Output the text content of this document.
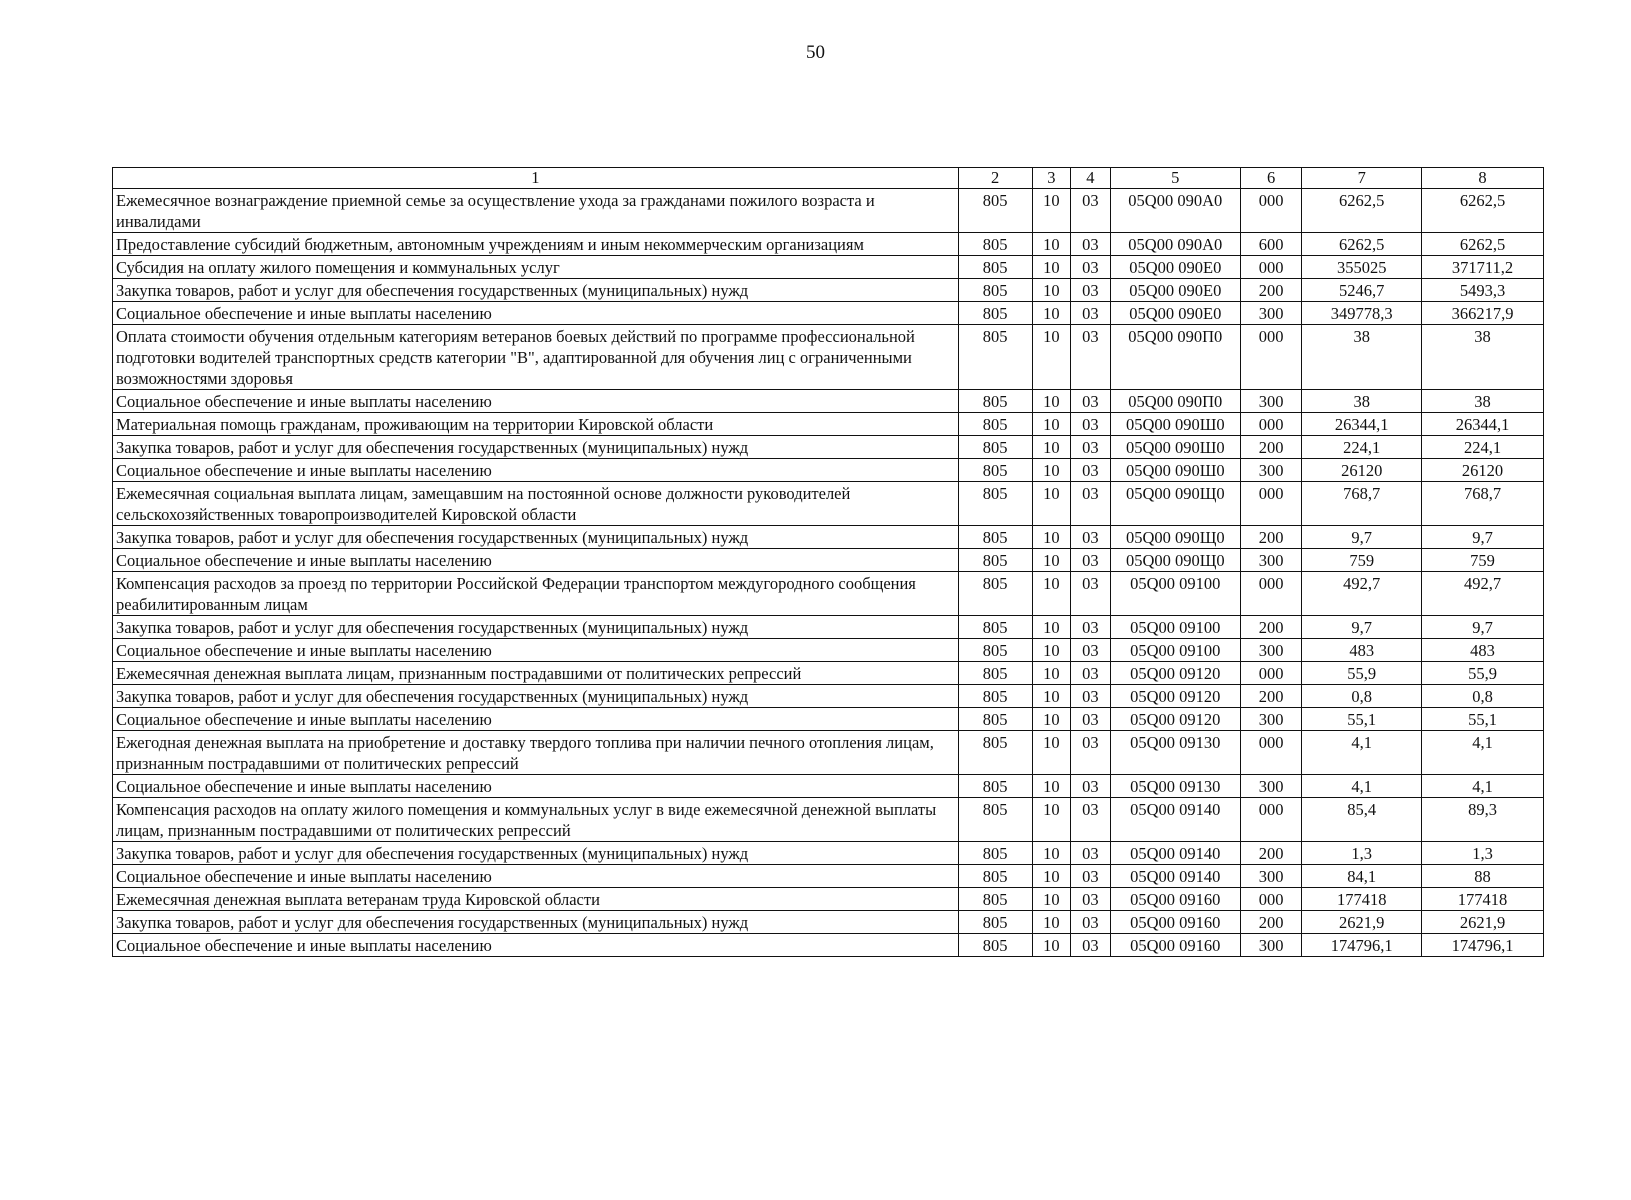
50
1	2	3	4	5	6	7	8
Ежемесячное вознаграждение приемной семье за осуществление ухода за гражданами пожилого возраста и инвалидами	805	10	03	05Q00 090A0	000	6262,5	6262,5
Предоставление субсидий бюджетным, автономным учреждениям и иным некоммерческим организациям	805	10	03	05Q00 090A0	600	6262,5	6262,5
Субсидия на оплату жилого помещения и коммунальных услуг	805	10	03	05Q00 090E0	000	355025	371711,2
Закупка товаров, работ и услуг для обеспечения государственных (муниципальных) нужд	805	10	03	05Q00 090E0	200	5246,7	5493,3
Социальное обеспечение и иные выплаты населению	805	10	03	05Q00 090E0	300	349778,3	366217,9
Оплата стоимости обучения отдельным категориям ветеранов боевых действий по программе профессиональной подготовки водителей транспортных средств категории "В", адаптированной для обучения лиц с ограниченными возможностями здоровья	805	10	03	05Q00 090П0	000	38	38
Социальное обеспечение и иные выплаты населению	805	10	03	05Q00 090П0	300	38	38
Материальная помощь гражданам, проживающим на территории Кировской области	805	10	03	05Q00 090Ш0	000	26344,1	26344,1
Закупка товаров, работ и услуг для обеспечения государственных (муниципальных) нужд	805	10	03	05Q00 090Ш0	200	224,1	224,1
Социальное обеспечение и иные выплаты населению	805	10	03	05Q00 090Ш0	300	26120	26120
Ежемесячная социальная выплата лицам, замещавшим на постоянной основе должности руководителей сельскохозяйственных товаропроизводителей Кировской области	805	10	03	05Q00 090Щ0	000	768,7	768,7
Закупка товаров, работ и услуг для обеспечения государственных (муниципальных) нужд	805	10	03	05Q00 090Щ0	200	9,7	9,7
Социальное обеспечение и иные выплаты населению	805	10	03	05Q00 090Щ0	300	759	759
Компенсация расходов за проезд по территории Российской Федерации транспортом междугородного сообщения реабилитированным лицам	805	10	03	05Q00 09100	000	492,7	492,7
Закупка товаров, работ и услуг для обеспечения государственных (муниципальных) нужд	805	10	03	05Q00 09100	200	9,7	9,7
Социальное обеспечение и иные выплаты населению	805	10	03	05Q00 09100	300	483	483
Ежемесячная денежная выплата лицам, признанным пострадавшими от политических репрессий	805	10	03	05Q00 09120	000	55,9	55,9
Закупка товаров, работ и услуг для обеспечения государственных (муниципальных) нужд	805	10	03	05Q00 09120	200	0,8	0,8
Социальное обеспечение и иные выплаты населению	805	10	03	05Q00 09120	300	55,1	55,1
Ежегодная денежная выплата на приобретение и доставку твердого топлива при наличии печного отопления лицам, признанным пострадавшими от политических репрессий	805	10	03	05Q00 09130	000	4,1	4,1
Социальное обеспечение и иные выплаты населению	805	10	03	05Q00 09130	300	4,1	4,1
Компенсация расходов на оплату жилого помещения и коммунальных услуг в виде ежемесячной денежной выплаты лицам, признанным пострадавшими от политических репрессий	805	10	03	05Q00 09140	000	85,4	89,3
Закупка товаров, работ и услуг для обеспечения государственных (муниципальных) нужд	805	10	03	05Q00 09140	200	1,3	1,3
Социальное обеспечение и иные выплаты населению	805	10	03	05Q00 09140	300	84,1	88
Ежемесячная денежная выплата ветеранам труда Кировской области	805	10	03	05Q00 09160	000	177418	177418
Закупка товаров, работ и услуг для обеспечения государственных (муниципальных) нужд	805	10	03	05Q00 09160	200	2621,9	2621,9
Социальное обеспечение и иные выплаты населению	805	10	03	05Q00 09160	300	174796,1	174796,1
